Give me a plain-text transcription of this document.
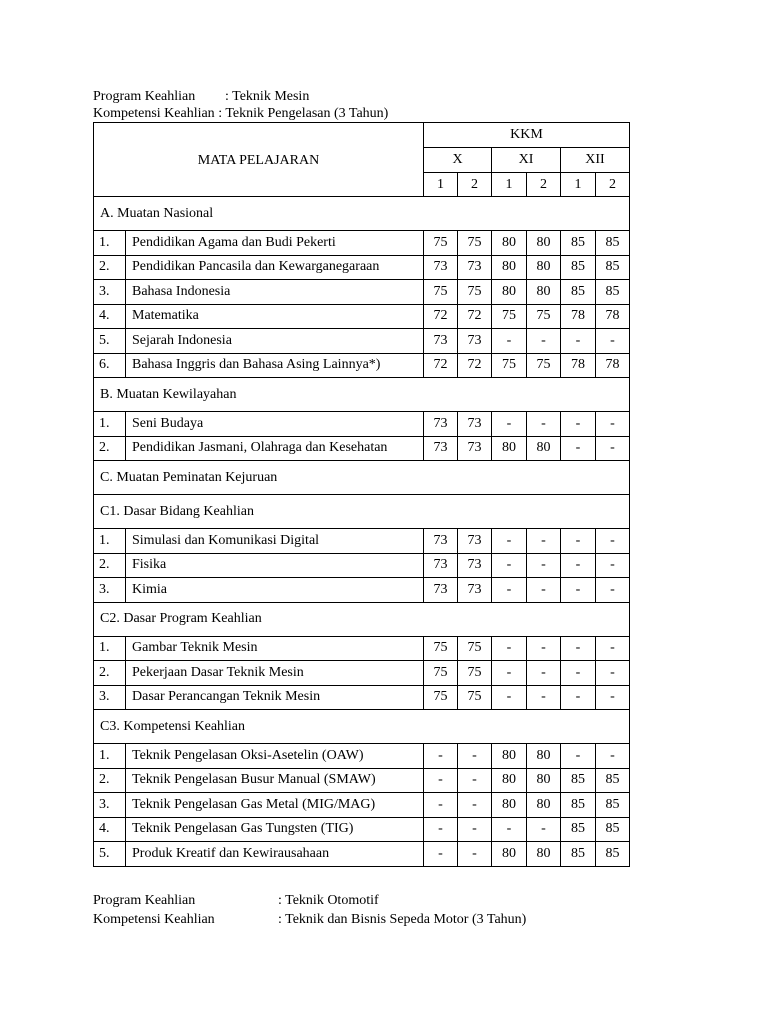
Program Keahlian : Teknik Mesin
Kompetensi Keahlian : Teknik Pengelasan (3 Tahun)
MATA PELAJARAN		KKM					
		X		XI		XII	
		1	2	1	2	1	2
A. Muatan Nasional							
1.	Pendidikan Agama dan Budi Pekerti	75	75	80	80	85	85
2.	Pendidikan Pancasila dan Kewarganegaraan	73	73	80	80	85	85
3.	Bahasa Indonesia	75	75	80	80	85	85
4.	Matematika	72	72	75	75	78	78
5.	Sejarah Indonesia	73	73	-	-	-	-
6.	Bahasa Inggris dan Bahasa Asing Lainnya*)	72	72	75	75	78	78
B. Muatan Kewilayahan							
1.	Seni Budaya	73	73	-	-	-	-
2.	Pendidikan Jasmani, Olahraga dan Kesehatan	73	73	80	80	-	-
C. Muatan Peminatan Kejuruan							
C1. Dasar Bidang Keahlian							
1.	Simulasi dan Komunikasi Digital	73	73	-	-	-	-
2.	Fisika	73	73	-	-	-	-
3.	Kimia	73	73	-	-	-	-
C2. Dasar Program Keahlian							
1.	Gambar Teknik Mesin	75	75	-	-	-	-
2.	Pekerjaan Dasar Teknik Mesin	75	75	-	-	-	-
3.	Dasar Perancangan Teknik Mesin	75	75	-	-	-	-
C3. Kompetensi Keahlian							
1.	Teknik Pengelasan Oksi-Asetelin (OAW)	-	-	80	80	-	-
2.	Teknik Pengelasan Busur Manual (SMAW)	-	-	80	80	85	85
3.	Teknik Pengelasan Gas Metal (MIG/MAG)	-	-	80	80	85	85
4.	Teknik Pengelasan Gas Tungsten (TIG)	-	-	-	-	85	85
5.	Produk Kreatif dan Kewirausahaan	-	-	80	80	85	85
Program Keahlian	: Teknik Otomotif
Kompetensi Keahlian	: Teknik dan Bisnis Sepeda Motor (3 Tahun)
